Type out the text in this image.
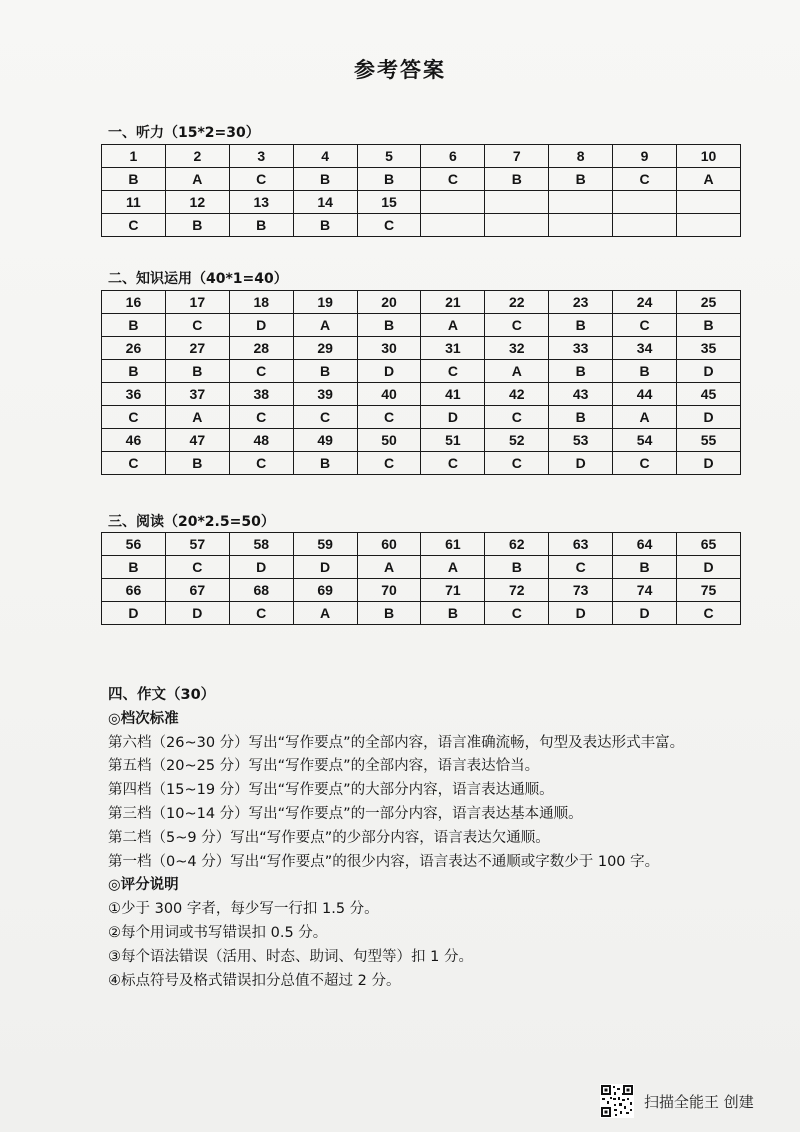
参考答案
一、听力（15*2=30）
1	2	3	4	5	6	7	8	9	10
B	A	C	B	B	C	B	B	C	A
11	12	13	14	15					
C	B	B	B	C					
二、知识运用（40*1=40）
16	17	18	19	20	21	22	23	24	25
B	C	D	A	B	A	C	B	C	B
26	27	28	29	30	31	32	33	34	35
B	B	C	B	D	C	A	B	B	D
36	37	38	39	40	41	42	43	44	45
C	A	C	C	C	D	C	B	A	D
46	47	48	49	50	51	52	53	54	55
C	B	C	B	C	C	C	D	C	D
三、阅读（20*2.5=50）
56	57	58	59	60	61	62	63	64	65
B	C	D	D	A	A	B	C	B	D
66	67	68	69	70	71	72	73	74	75
D	D	C	A	B	B	C	D	D	C
四、作文（30）
◎档次标准
第六档（26~30 分）写出“写作要点”的全部内容，语言准确流畅，句型及表达形式丰富。
第五档（20~25 分）写出“写作要点”的全部内容，语言表达恰当。
第四档（15~19 分）写出“写作要点”的大部分内容，语言表达通顺。
第三档（10~14 分）写出“写作要点”的一部分内容，语言表达基本通顺。
第二档（5~9 分）写出“写作要点”的少部分内容，语言表达欠通顺。
第一档（0~4 分）写出“写作要点”的很少内容，语言表达不通顺或字数少于 100 字。
◎评分说明
①少于 300 字者，每少写一行扣 1.5 分。
②每个用词或书写错误扣 0.5 分。
③每个语法错误（活用、时态、助词、句型等）扣 1 分。
④标点符号及格式错误扣分总值不超过 2 分。
扫描全能王 创建
